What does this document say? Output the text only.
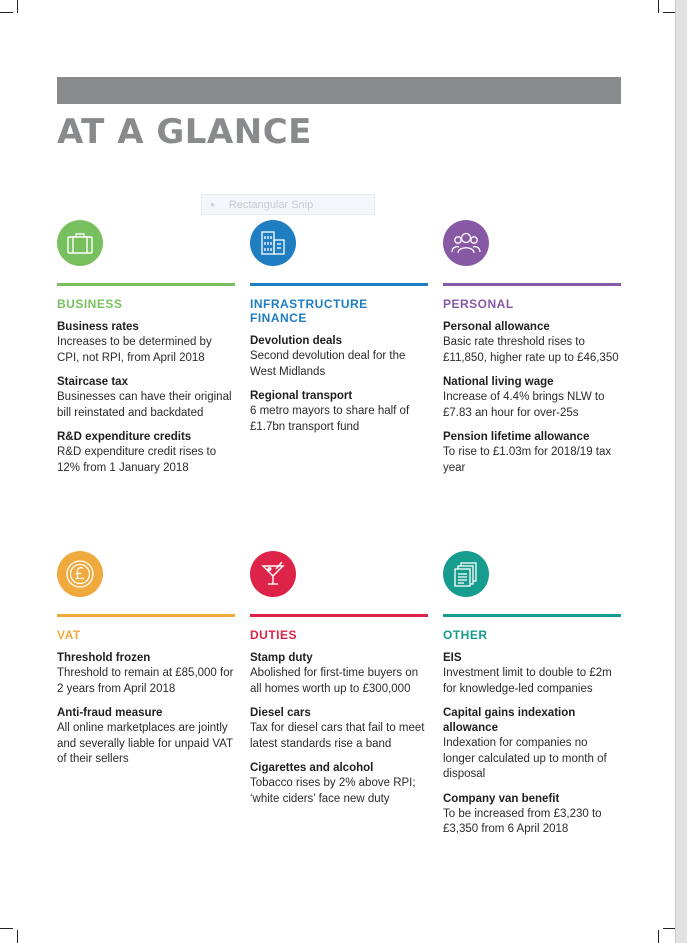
AT A GLANCE
● Rectangular Snip
BUSINESS
Business rates
Increases to be determined by CPI, not RPI, from April 2018
Staircase tax
Businesses can have their original bill reinstated and backdated
R&D expenditure credits
R&D expenditure credit rises to 12% from 1 January 2018
INFRASTRUCTURE FINANCE
Devolution deals
Second devolution deal for the West Midlands
Regional transport
6 metro mayors to share half of £1.7bn transport fund
PERSONAL
Personal allowance
Basic rate threshold rises to £11,850, higher rate up to £46,350
National living wage
Increase of 4.4% brings NLW to £7.83 an hour for over-25s
Pension lifetime allowance
To rise to £1.03m for 2018/19 tax year
VAT
Threshold frozen
Threshold to remain at £85,000 for 2 years from April 2018
Anti-fraud measure
All online marketplaces are jointly and severally liable for unpaid VAT of their sellers
DUTIES
Stamp duty
Abolished for first-time buyers on all homes worth up to £300,000
Diesel cars
Tax for diesel cars that fail to meet latest standards rise a band
Cigarettes and alcohol
Tobacco rises by 2% above RPI; ‘white ciders’ face new duty
OTHER
EIS
Investment limit to double to £2m for knowledge-led companies
Capital gains indexation allowance
Indexation for companies no longer calculated up to month of disposal
Company van benefit
To be increased from £3,230 to £3,350 from 6 April 2018
